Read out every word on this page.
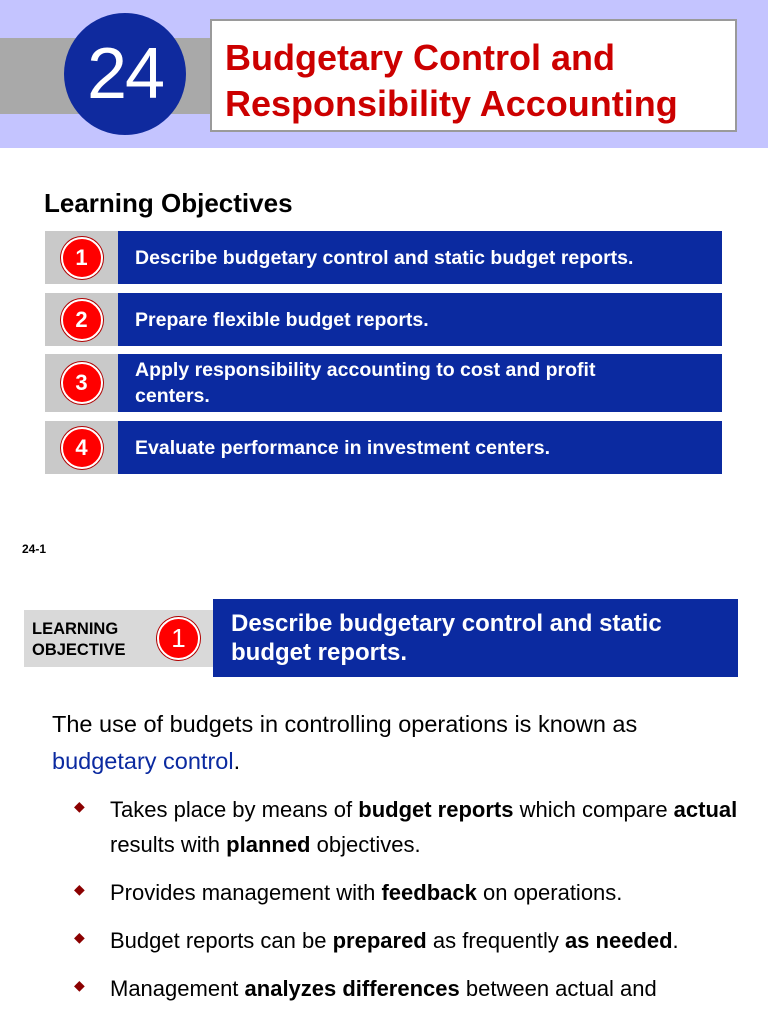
24	Budgetary Control and
Responsibility Accounting
Learning Objectives
1	Describe budgetary control and static budget reports.
2	Prepare flexible budget reports.
3	Apply responsibility accounting to cost and profit centers.
4	Evaluate performance in investment centers.
24-1
LEARNING
OBJECTIVE	1	Describe budgetary control and static budget reports.

The use of budgets in controlling operations is known as budgetary control.

◆	Takes place by means of budget reports which compare actual results with planned objectives.
◆	Provides management with feedback on operations.
◆	Budget reports can be prepared as frequently as needed.
◆	Management analyzes differences between actual and
